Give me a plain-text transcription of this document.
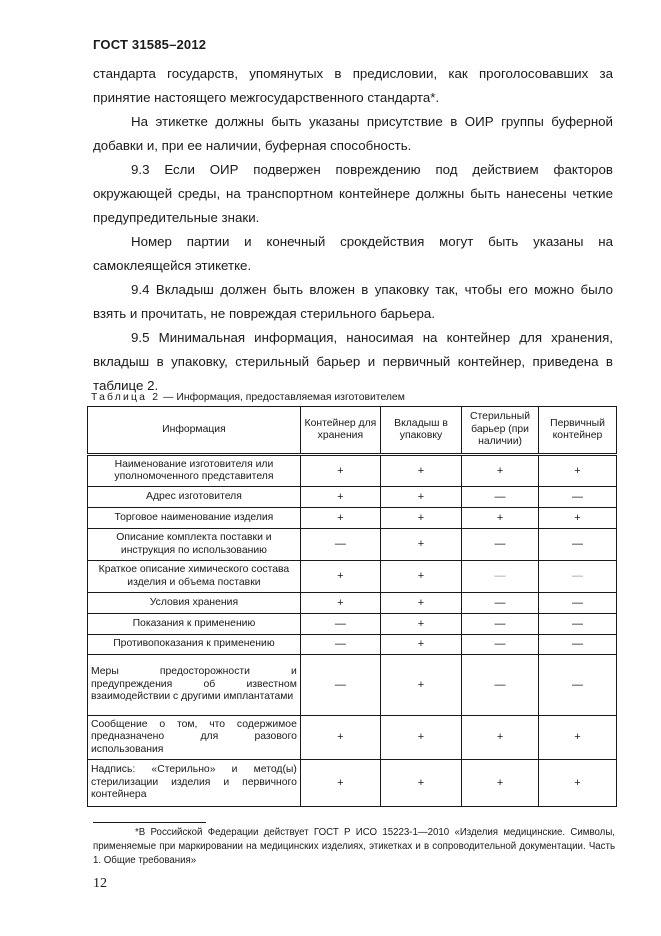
ГОСТ 31585–2012

стандарта государств, упомянутых в предисловии, как проголосовавших за принятие настоящего межгосударственного стандарта*.

На этикетке должны быть указаны присутствие в ОИР группы буферной добавки и, при ее наличии, буферная способность.

9.3 Если ОИР подвержен повреждению под действием факторов окружающей среды, на транспортном контейнере должны быть нанесены четкие предупредительные знаки.

Номер партии и конечный срокдействия могут быть указаны на самоклеящейся этикетке.

9.4 Вкладыш должен быть вложен в упаковку так, чтобы его можно было взять и прочитать, не повреждая стерильного барьера.

9.5 Минимальная информация, наносимая на контейнер для хранения, вкладыш в упаковку, стерильный барьер и первичный контейнер, приведена в таблице 2.

Таблица 2 — Информация, предоставляемая изготовителем
Информация	Контейнер для хранения	Вкладыш в упаковку	Стерильный барьер (при наличии)	Первичный контейнер
Наименование изготовителя или уполномоченного представителя	+	+	+	+
Адрес изготовителя	+	+	—	—
Торговое наименование изделия	+	+	+	+
Описание комплекта поставки и инструкция по использованию	—	+	—	—
Краткое описание химического состава изделия и объема поставки	+	+	—	—
Условия хранения	+	+	—	—
Показания к применению	—	+	—	—
Противопоказания к применению	—	+	—	—
Меры предосторожности и предупреждения об известном взаимодействии с другими имплантатами	—	+	—	—
Сообщение о том, что содержимое предназначено для разового использования	+	+	+	+
Надпись: «Стерильно» и метод(ы) стерилизации изделия и первичного контейнера	+	+	+	+
*В Российской Федерации действует ГОСТ Р ИСО 15223-1—2010 «Изделия медицинские. Символы, применяемые при маркировании на медицинских изделиях, этикетках и в сопроводительной документации. Часть 1. Общие требования»
12
